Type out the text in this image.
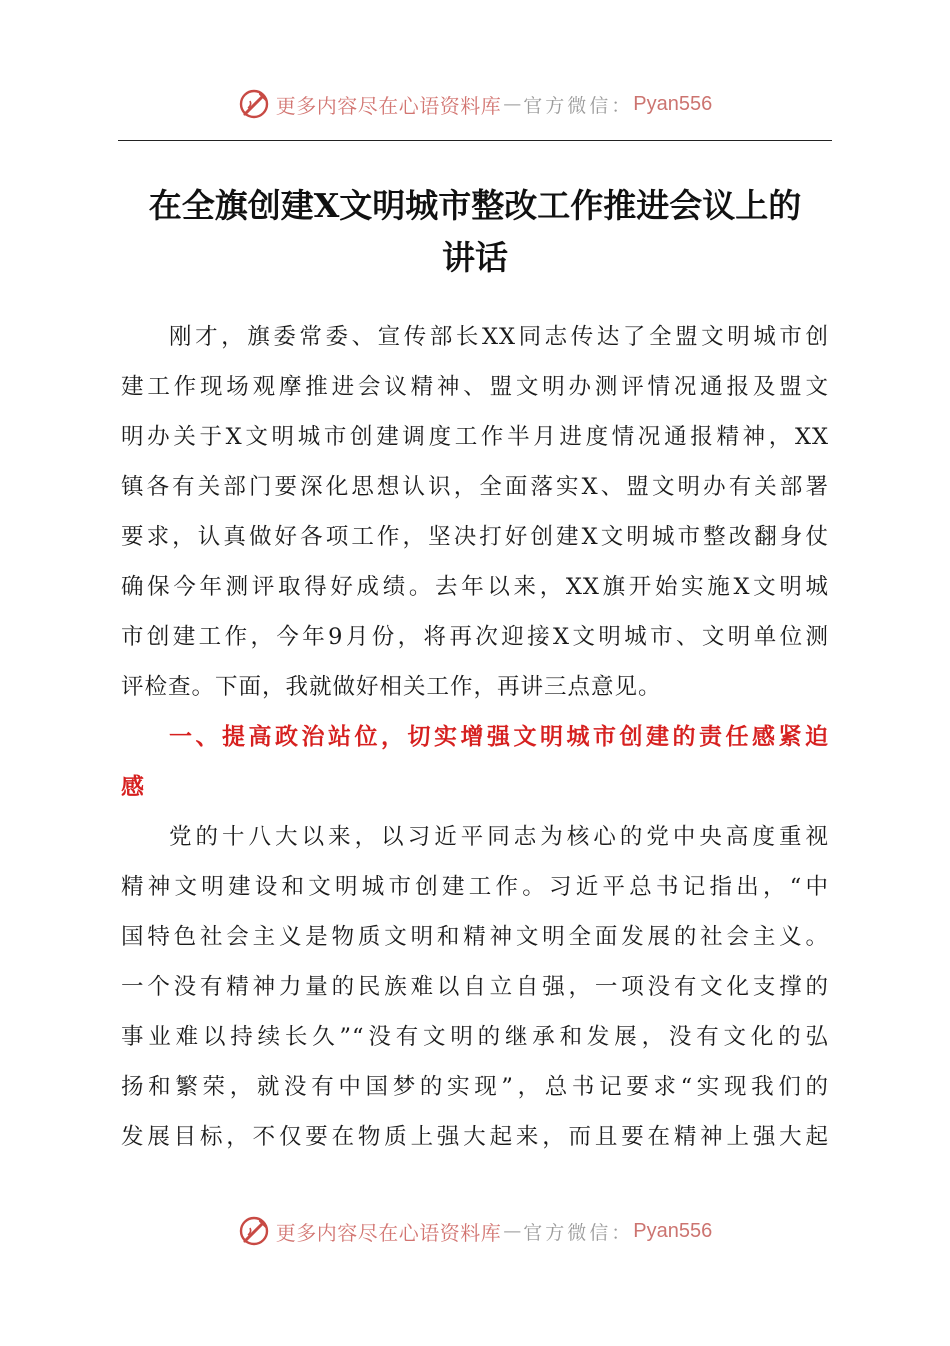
更多内容尽在心语资料库 — 官方微信： Pyan556
在全旗创建X文明城市整改工作推进会议上的
讲话
刚才，旗委常委、宣传部长XX同志传达了全盟文明城市创
建工作现场观摩推进会议精神、盟文明办测评情况通报及盟文
明办关于X文明城市创建调度工作半月进度情况通报精神，XX
镇各有关部门要深化思想认识，全面落实X、盟文明办有关部署
要求，认真做好各项工作，坚决打好创建X文明城市整改翻身仗
确保今年测评取得好成绩。去年以来，XX旗开始实施X文明城
市创建工作，今年9月份，将再次迎接X文明城市、文明单位测
评检查。下面，我就做好相关工作，再讲三点意见。
一、提高政治站位，切实增强文明城市创建的责任感紧迫
感
党的十八大以来，以习近平同志为核心的党中央高度重视
精神文明建设和文明城市创建工作。习近平总书记指出，“中
国特色社会主义是物质文明和精神文明全面发展的社会主义。
一个没有精神力量的民族难以自立自强，一项没有文化支撑的
事业难以持续长久”“没有文明的继承和发展，没有文化的弘
扬和繁荣，就没有中国梦的实现”，总书记要求“实现我们的
发展目标，不仅要在物质上强大起来，而且要在精神上强大起
更多内容尽在心语资料库 — 官方微信： Pyan556
